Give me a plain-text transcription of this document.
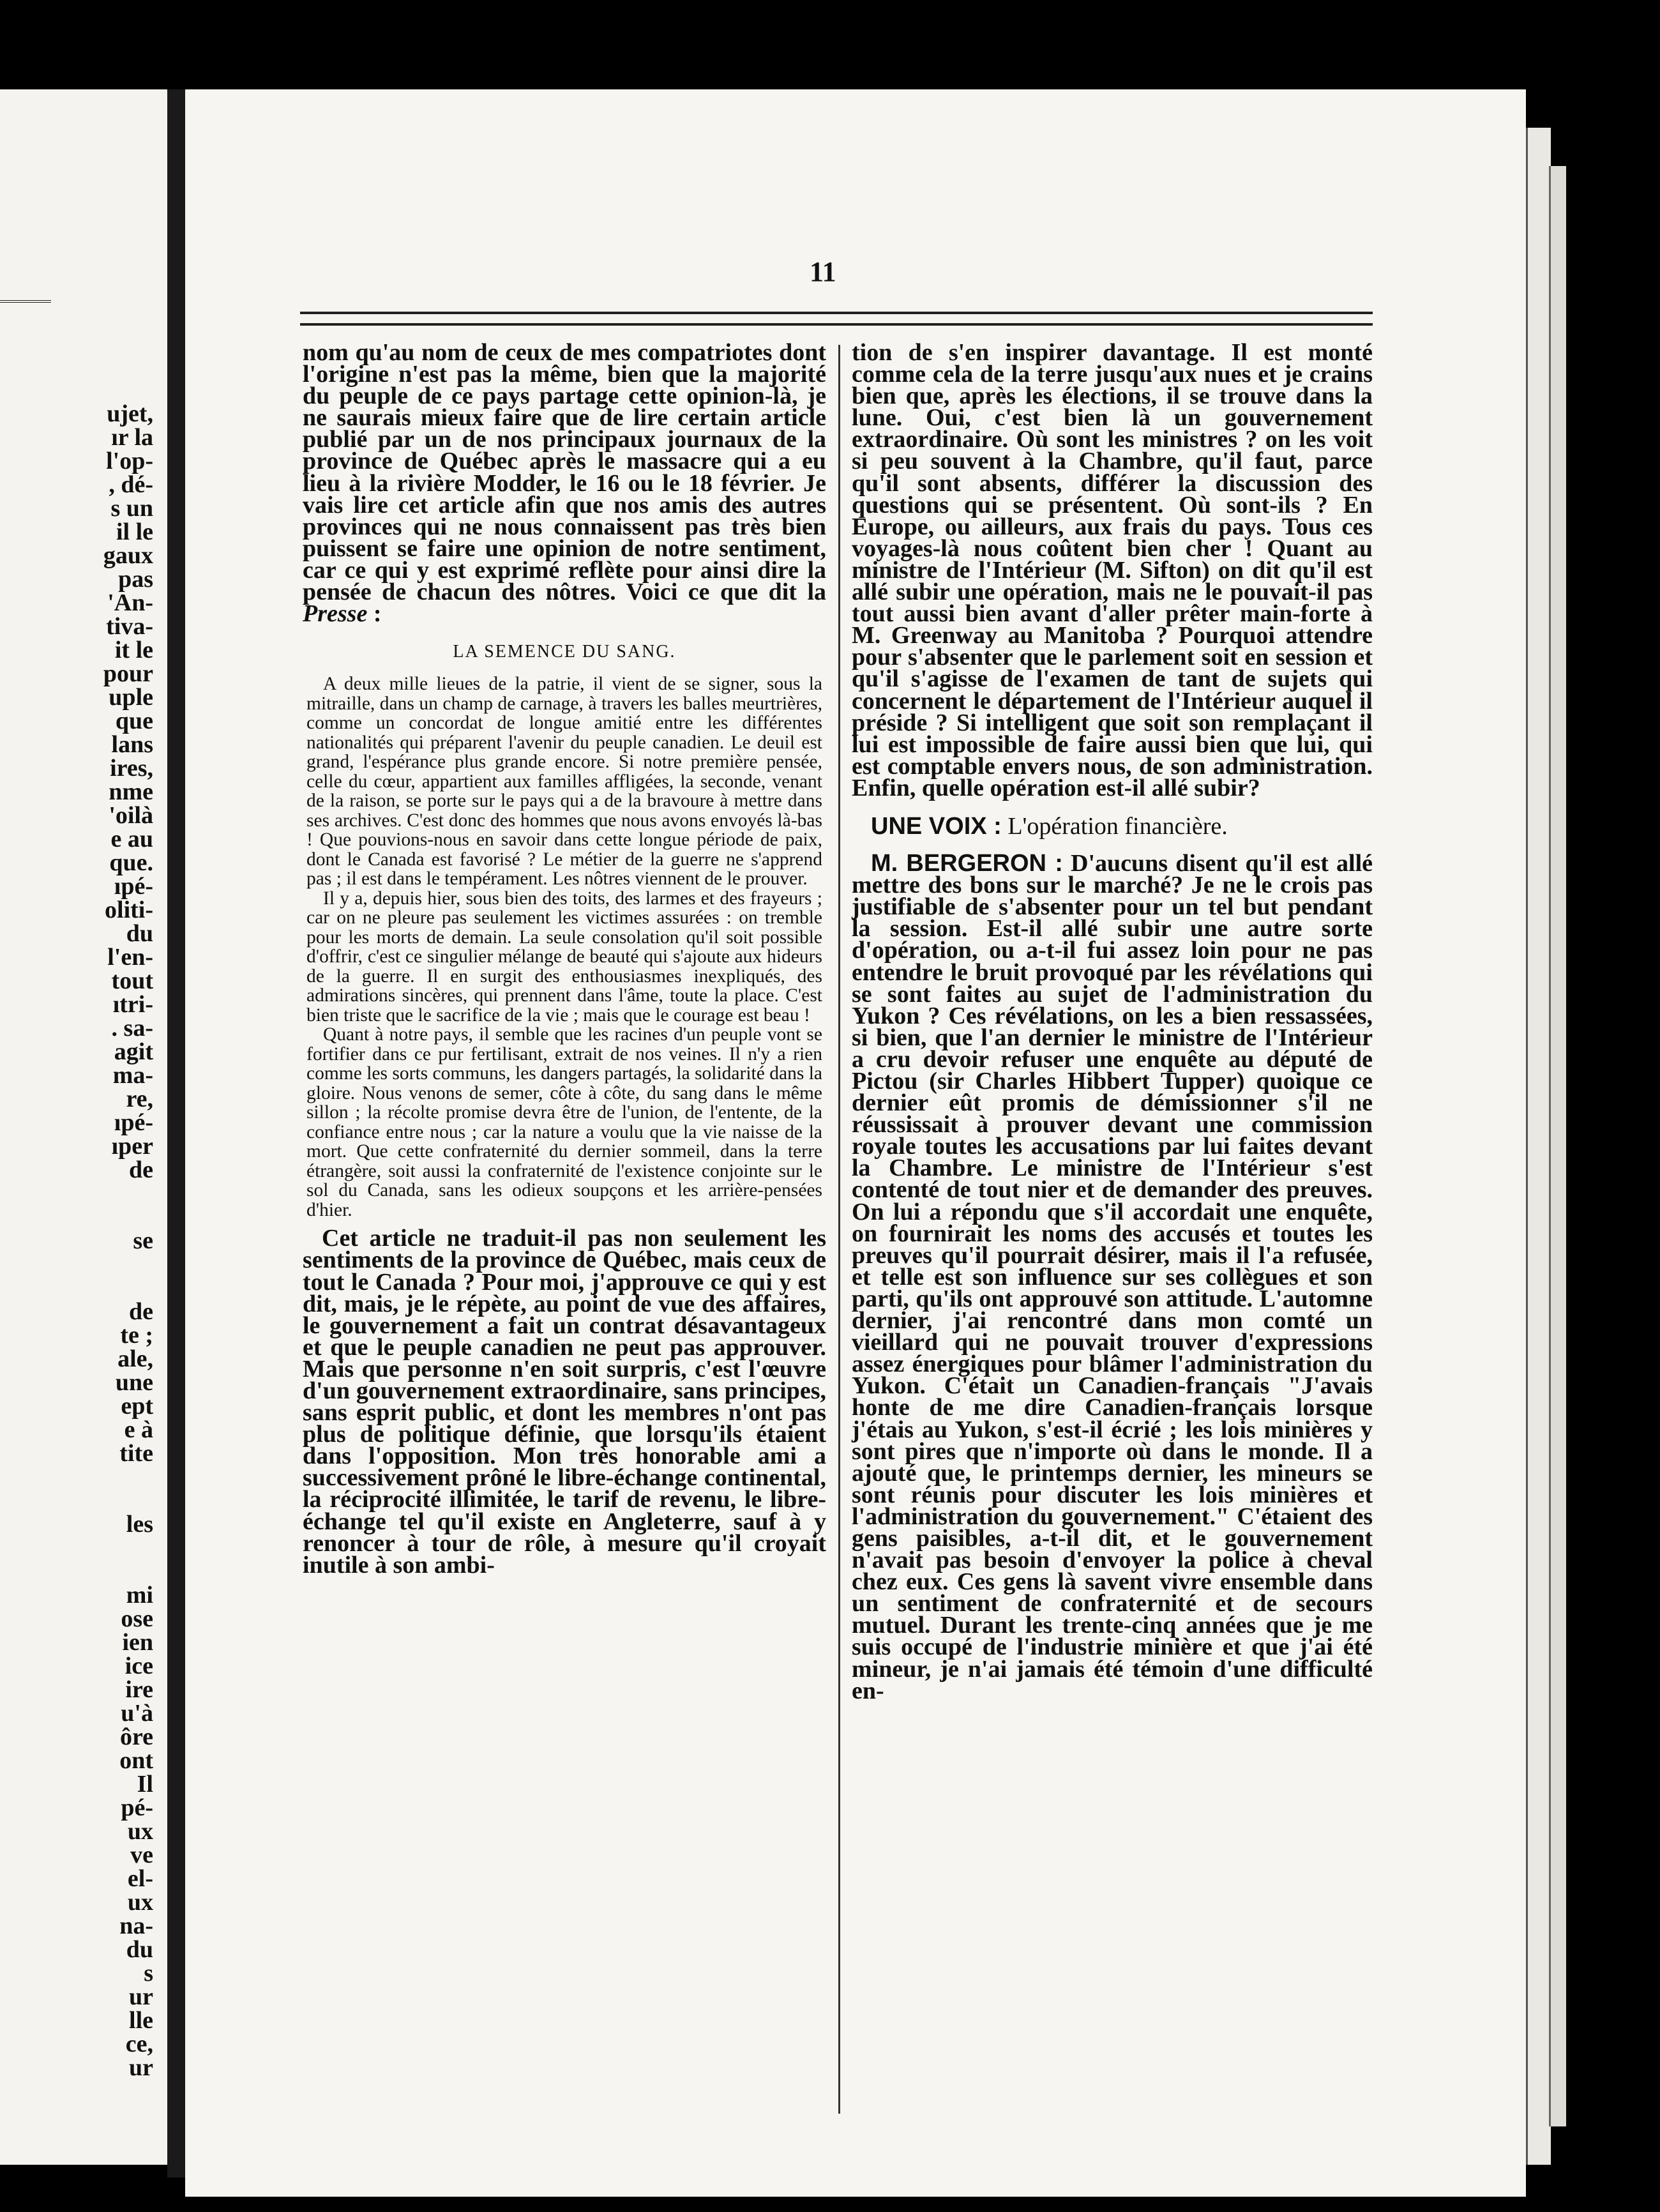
ujet,
ır la
l'op-
, dé-
s un
il le
gaux
pas
'An-
tiva-
it le
pour
uple
que
lans
ires,
nme
'oilà
e au
que.
ıpé-
oliti-
du
l'en-
tout
ıtri-
. sa-
agit
ma-
re,
ıpé-
ıper
de
se
de
te ;
ale,
une
ept
e à
tite
les
mi
ose
ien
ice
ire
u'à
ôre
ont
Il
pé-
ux
ve
el-
ux
na-
du
s
ur
lle
ce,
ur
11

nom qu'au nom de ceux de mes compatriotes dont l'origine n'est pas la même, bien que la majorité du peuple de ce pays partage cette opinion-là, je ne saurais mieux faire que de lire certain article publié par un de nos principaux journaux de la province de Québec après le massacre qui a eu lieu à la rivière Modder, le 16 ou le 18 février. Je vais lire cet article afin que nos amis des autres provinces qui ne nous connaissent pas très bien puissent se faire une opinion de notre sentiment, car ce qui y est exprimé reflète pour ainsi dire la pensée de chacun des nôtres. Voici ce que dit la Presse :

LA SEMENCE DU SANG.

A deux mille lieues de la patrie, il vient de se signer, sous la mitraille, dans un champ de carnage, à travers les balles meurtrières, comme un concordat de longue amitié entre les différentes nationalités qui préparent l'avenir du peuple canadien. Le deuil est grand, l'espérance plus grande encore. Si notre première pensée, celle du cœur, appartient aux familles affligées, la seconde, venant de la raison, se porte sur le pays qui a de la bravoure à mettre dans ses archives. C'est donc des hommes que nous avons envoyés là-bas ! Que pouvions-nous en savoir dans cette longue période de paix, dont le Canada est favorisé ? Le métier de la guerre ne s'apprend pas ; il est dans le tempérament. Les nôtres viennent de le prouver.

Il y a, depuis hier, sous bien des toits, des larmes et des frayeurs ; car on ne pleure pas seulement les victimes assurées : on tremble pour les morts de demain. La seule consolation qu'il soit possible d'offrir, c'est ce singulier mélange de beauté qui s'ajoute aux hideurs de la guerre. Il en surgit des enthousiasmes inexpliqués, des admirations sincères, qui prennent dans l'âme, toute la place. C'est bien triste que le sacrifice de la vie ; mais que le courage est beau !

Quant à notre pays, il semble que les racines d'un peuple vont se fortifier dans ce pur fertilisant, extrait de nos veines. Il n'y a rien comme les sorts communs, les dangers partagés, la solidarité dans la gloire. Nous venons de semer, côte à côte, du sang dans le même sillon ; la récolte promise devra être de l'union, de l'entente, de la confiance entre nous ; car la nature a voulu que la vie naisse de la mort. Que cette confraternité du dernier sommeil, dans la terre étrangère, soit aussi la confraternité de l'existence conjointe sur le sol du Canada, sans les odieux soupçons et les arrière-pensées d'hier.

Cet article ne traduit-il pas non seulement les sentiments de la province de Québec, mais ceux de tout le Canada ? Pour moi, j'approuve ce qui y est dit, mais, je le répète, au point de vue des affaires, le gouvernement a fait un contrat désavantageux et que le peuple canadien ne peut pas approuver. Mais que personne n'en soit surpris, c'est l'œuvre d'un gouvernement extraordinaire, sans principes, sans esprit public, et dont les membres n'ont pas plus de politique définie, que lorsqu'ils étaient dans l'opposition. Mon très honorable ami a successivement prôné le libre-échange continental, la réciprocité illimitée, le tarif de revenu, le libre-échange tel qu'il existe en Angleterre, sauf à y renoncer à tour de rôle, à mesure qu'il croyait inutile à son ambi-

tion de s'en inspirer davantage. Il est monté comme cela de la terre jusqu'aux nues et je crains bien que, après les élections, il se trouve dans la lune. Oui, c'est bien là un gouvernement extraordinaire. Où sont les ministres ? on les voit si peu souvent à la Chambre, qu'il faut, parce qu'il sont absents, différer la discussion des questions qui se présentent. Où sont-ils ? En Europe, ou ailleurs, aux frais du pays. Tous ces voyages-là nous coûtent bien cher ! Quant au ministre de l'Intérieur (M. Sifton) on dit qu'il est allé subir une opération, mais ne le pouvait-il pas tout aussi bien avant d'aller prêter main-forte à M. Greenway au Manitoba ? Pourquoi attendre pour s'absenter que le parlement soit en session et qu'il s'agisse de l'examen de tant de sujets qui concernent le département de l'Intérieur auquel il préside ? Si intelligent que soit son remplaçant il lui est impossible de faire aussi bien que lui, qui est comptable envers nous, de son administration. Enfin, quelle opération est-il allé subir?

UNE VOIX : L'opération financière.

M. BERGERON : D'aucuns disent qu'il est allé mettre des bons sur le marché? Je ne le crois pas justifiable de s'absenter pour un tel but pendant la session. Est-il allé subir une autre sorte d'opération, ou a-t-il fui assez loin pour ne pas entendre le bruit provoqué par les révélations qui se sont faites au sujet de l'administration du Yukon ? Ces révélations, on les a bien ressassées, si bien, que l'an dernier le ministre de l'Intérieur a cru devoir refuser une enquête au député de Pictou (sir Charles Hibbert Tupper) quoique ce dernier eût promis de démissionner s'il ne réussissait à prouver devant une commission royale toutes les accusations par lui faites devant la Chambre. Le ministre de l'Intérieur s'est contenté de tout nier et de demander des preuves. On lui a répondu que s'il accordait une enquête, on fournirait les noms des accusés et toutes les preuves qu'il pourrait désirer, mais il l'a refusée, et telle est son influence sur ses collègues et son parti, qu'ils ont approuvé son attitude. L'automne dernier, j'ai rencontré dans mon comté un vieillard qui ne pouvait trouver d'expressions assez énergiques pour blâmer l'administration du Yukon. C'était un Canadien-français "J'avais honte de me dire Canadien-français lorsque j'étais au Yukon, s'est-il écrié ; les lois minières y sont pires que n'importe où dans le monde. Il a ajouté que, le printemps dernier, les mineurs se sont réunis pour discuter les lois minières et l'administration du gouvernement." C'étaient des gens paisibles, a-t-il dit, et le gouvernement n'avait pas besoin d'envoyer la police à cheval chez eux. Ces gens là savent vivre ensemble dans un sentiment de confraternité et de secours mutuel. Durant les trente-cinq années que je me suis occupé de l'industrie minière et que j'ai été mineur, je n'ai jamais été témoin d'une difficulté en-
